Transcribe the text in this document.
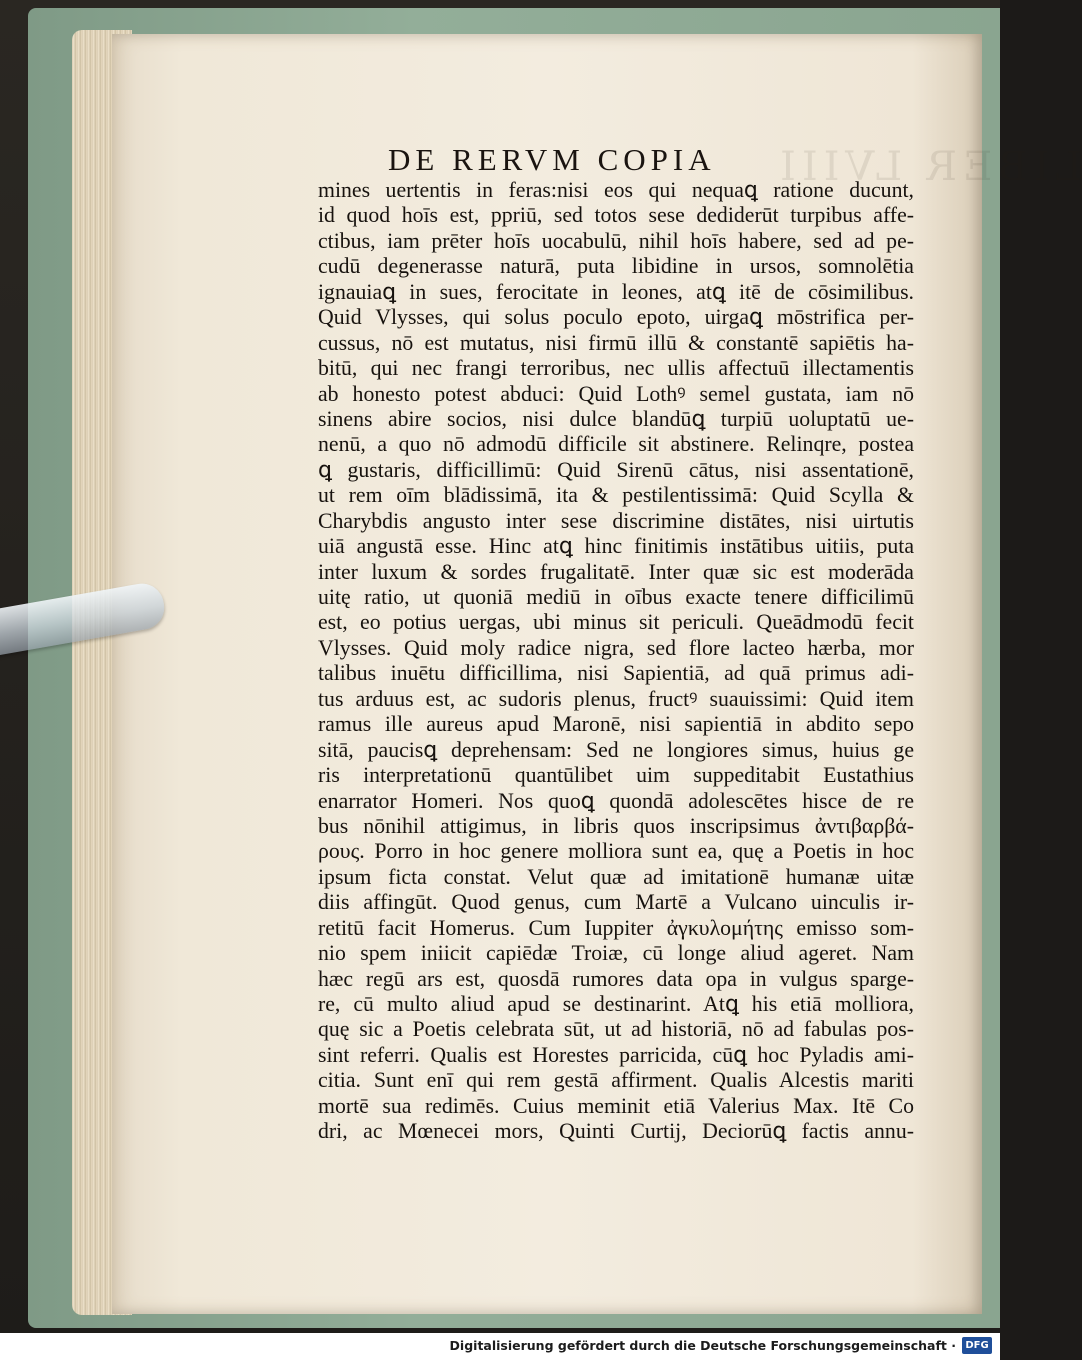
LIBER LVIII
DE RERVM COPIA
mines uertentis in feras:nisi eos qui nequaꝗ ratione ducunt,
id quod hoīs est, ppriū, sed totos sese dediderūt turpibus affe-
ctibus, iam prēter hoīs uocabulū, nihil hoīs habere, sed ad pe-
cudū degenerasse naturā, puta libidine in ursos, somnolētia
ignauiaꝗ in sues, ferocitate in leones, atꝗ itē de cōsimilibus.
Quid Vlysses, qui solus poculo epoto, uirgaꝗ mōstrifica per-
cussus, nō est mutatus, nisi firmū illū & constantē sapiētis ha-
bitū, qui nec frangi terroribus, nec ullis affectuū illectamentis
ab honesto potest abduci: Quid Lothꝰ semel gustata, iam nō
sinens abire socios, nisi dulce blandūꝗ turpiū uoluptatū ue-
nenū, a quo nō admodū difficile sit abstinere. Relinqre, postea
ꝗ gustaris, difficillimū: Quid Sirenū cātus, nisi assentationē,
ut rem oīm blādissimā, ita & pestilentissimā: Quid Scylla &
Charybdis angusto inter sese discrimine distātes, nisi uirtutis
uiā angustā esse. Hinc atꝗ hinc finitimis instātibus uitiis, puta
inter luxum & sordes frugalitatē. Inter quæ sic est moderāda
uitę ratio, ut quoniā mediū in oībus exacte tenere difficilimū
est, eo potius uergas, ubi minus sit periculi. Queādmodū fecit
Vlysses. Quid moly radice nigra, sed flore lacteo hærba, mor
talibus inuētu difficillima, nisi Sapientiā, ad quā primus adi-
tus arduus est, ac sudoris plenus, fructꝰ suauissimi: Quid item
ramus ille aureus apud Maronē, nisi sapientiā in abdito sepo
sitā, paucisꝗ deprehensam: Sed ne longiores simus, huius ge
ris interpretationū quantūlibet uim suppeditabit Eustathius
enarrator Homeri. Nos quoꝗ quondā adolescētes hisce de re
bus nōnihil attigimus, in libris quos inscripsimus ἀντιβαρβά-
ρους. Porro in hoc genere molliora sunt ea, quę a Poetis in hoc
ipsum ficta constat. Velut quæ ad imitationē humanæ uitæ
diis affingūt. Quod genus, cum Martē a Vulcano uinculis ir-
retitū facit Homerus. Cum Iuppiter ἀγκυλομήτης emisso som-
nio spem iniicit capiēdæ Troiæ, cū longe aliud ageret. Nam
hæc regū ars est, quosdā rumores data opa in vulgus sparge-
re, cū multo aliud apud se destinarint. Atꝗ his etiā molliora,
quę sic a Poetis celebrata sūt, ut ad historiā, nō ad fabulas pos-
sint referri. Qualis est Horestes parricida, cūꝗ hoc Pyladis ami-
citia. Sunt enī qui rem gestā affirment. Qualis Alcestis mariti
mortē sua redimēs. Cuius meminit etiā Valerius Max. Itē Co
dri, ac Mœnecei mors, Quinti Curtij, Deciorūꝗ factis annu-
Digitalisierung gefördert durch die Deutsche Forschungsgemeinschaft · DFG
